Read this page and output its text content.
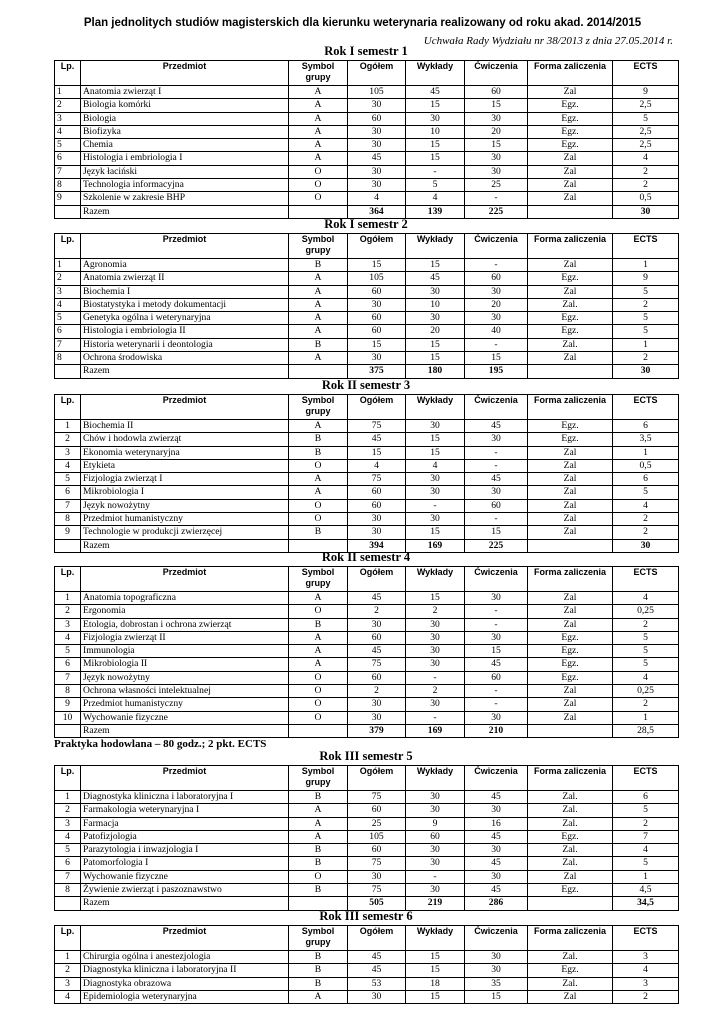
Plan jednolitych studiów magisterskich dla kierunku weterynaria realizowany od roku akad. 2014/2015
Uchwała Rady Wydziału nr 38/2013 z dnia 27.05.2014 r.
Rok I semestr 1
Lp.	Przedmiot	Symbol grupy	Ogółem	Wykłady	Ćwiczenia	Forma zaliczenia	ECTS
1	Anatomia zwierząt I	A	105	45	60	Zal	9
2	Biologia komórki	A	30	15	15	Egz.	2,5
3	Biologia	A	60	30	30	Egz.	5
4	Biofizyka	A	30	10	20	Egz.	2,5
5	Chemia	A	30	15	15	Egz.	2,5
6	Histologia i embriologia I	A	45	15	30	Zal	4
7	Język łaciński	O	30	-	30	Zal	2
8	Technologia informacyjna	O	30	5	25	Zal	2
9	Szkolenie w zakresie BHP	O	4	4	-	Zal	0,5
	Razem		364	139	225		30
Rok I semestr 2
Lp.	Przedmiot	Symbol grupy	Ogółem	Wykłady	Ćwiczenia	Forma zaliczenia	ECTS
1	Agronomia	B	15	15	-	Zal	1
2	Anatomia zwierząt II	A	105	45	60	Egz.	9
3	Biochemia I	A	60	30	30	Zal	5
4	Biostatystyka i metody dokumentacji	A	30	10	20	Zal.	2
5	Genetyka ogólna i weterynaryjna	A	60	30	30	Egz.	5
6	Histologia i embriologia II	A	60	20	40	Egz.	5
7	Historia weterynarii i deontologia	B	15	15	-	Zal.	1
8	Ochrona środowiska	A	30	15	15	Zal	2
	Razem		375	180	195		30
Rok II semestr 3
Lp.	Przedmiot	Symbol grupy	Ogółem	Wykłady	Ćwiczenia	Forma zaliczenia	ECTS
1	Biochemia II	A	75	30	45	Egz.	6
2	Chów i hodowla zwierząt	B	45	15	30	Egz.	3,5
3	Ekonomia weterynaryjna	B	15	15	-	Zal	1
4	Etykieta	O	4	4	-	Zal	0,5
5	Fizjologia zwierząt I	A	75	30	45	Zal	6
6	Mikrobiologia I	A	60	30	30	Zal	5
7	Język nowożytny	O	60	-	60	Zal	4
8	Przedmiot humanistyczny	O	30	30	-	Zal	2
9	Technologie w produkcji zwierzęcej	B	30	15	15	Zal	2
	Razem		394	169	225		30
Rok II semestr 4
Lp.	Przedmiot	Symbol grupy	Ogółem	Wykłady	Ćwiczenia	Forma zaliczenia	ECTS
1	Anatomia topograficzna	A	45	15	30	Zal	4
2	Ergonomia	O	2	2	-	Zal	0,25
3	Etologia, dobrostan i ochrona zwierząt	B	30	30	-	Zal	2
4	Fizjologia zwierząt II	A	60	30	30	Egz.	5
5	Immunologia	A	45	30	15	Egz.	5
6	Mikrobiologia II	A	75	30	45	Egz.	5
7	Język nowożytny	O	60	-	60	Egz.	4
8	Ochrona własności intelektualnej	O	2	2	-	Zal	0,25
9	Przedmiot humanistyczny	O	30	30	-	Zal	2
10	Wychowanie fizyczne	O	30	-	30	Zal	1
	Razem		379	169	210		28,5
Rok III semestr 5
Lp.	Przedmiot	Symbol grupy	Ogółem	Wykłady	Ćwiczenia	Forma zaliczenia	ECTS
1	Diagnostyka kliniczna i laboratoryjna I	B	75	30	45	Zal.	6
2	Farmakologia weterynaryjna I	A	60	30	30	Zal.	5
3	Farmacja	A	25	9	16	Zal.	2
4	Patofizjologia	A	105	60	45	Egz.	7
5	Parazytologia i inwazjologia I	B	60	30	30	Zal.	4
6	Patomorfologia I	B	75	30	45	Zal.	5
7	Wychowanie fizyczne	O	30	-	30	Zal	1
8	Żywienie zwierząt i paszoznawstwo	B	75	30	45	Egz.	4,5
	Razem		505	219	286		34,5
Rok III semestr 6
Lp.	Przedmiot	Symbol grupy	Ogółem	Wykłady	Ćwiczenia	Forma zaliczenia	ECTS
1	Chirurgia ogólna i anestezjologia	B	45	15	30	Zal.	3
2	Diagnostyka kliniczna i laboratoryjna II	B	45	15	30	Egz.	4
3	Diagnostyka obrazowa	B	53	18	35	Zal.	3
4	Epidemiologia weterynaryjna	A	30	15	15	Zal	2
Praktyka hodowlana – 80 godz.; 2 pkt. ECTS
